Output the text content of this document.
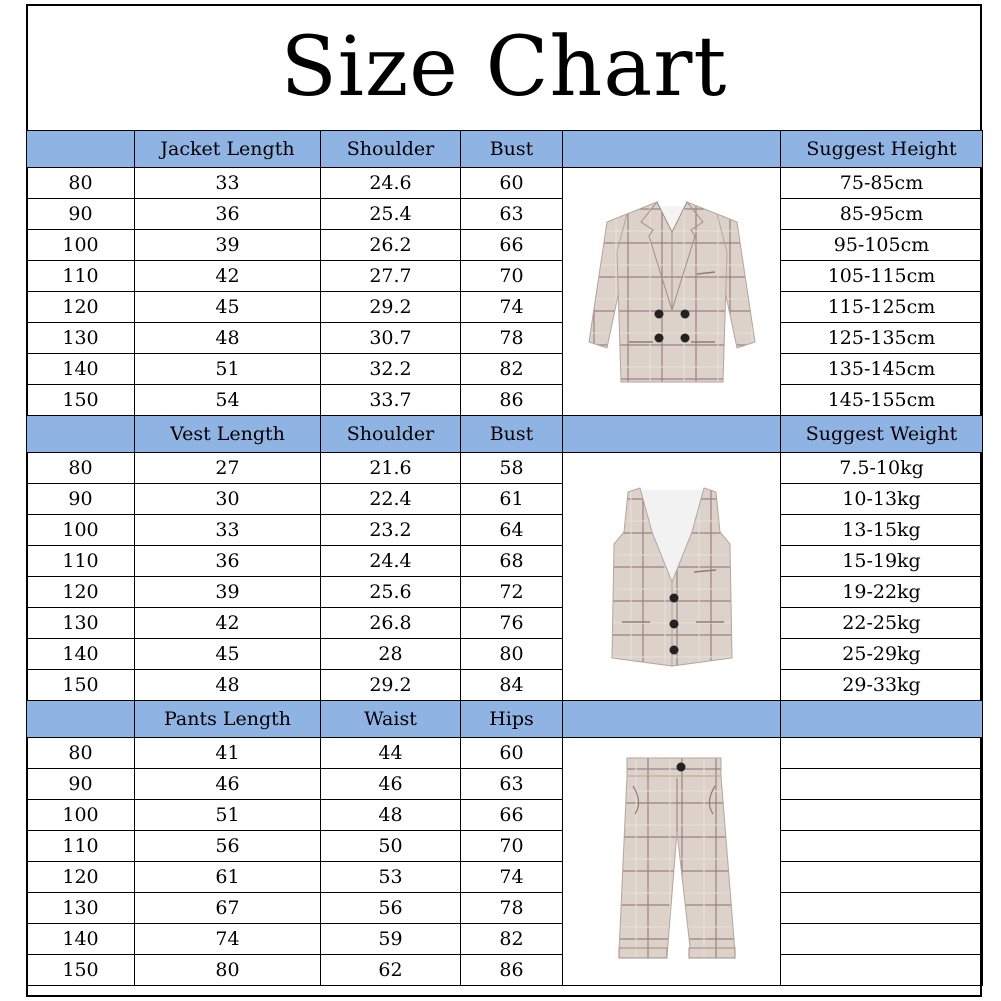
Size Chart
	Jacket Length	Shoulder	Bust		Suggest Height
80	33	24.6	60		75-85cm
90	36	25.4	63		85-95cm
100	39	26.2	66		95-105cm
110	42	27.7	70		105-115cm
120	45	29.2	74		115-125cm
130	48	30.7	78		125-135cm
140	51	32.2	82		135-145cm
150	54	33.7	86		145-155cm
	Vest Length	Shoulder	Bust		Suggest Weight
80	27	21.6	58		7.5-10kg
90	30	22.4	61		10-13kg
100	33	23.2	64		13-15kg
110	36	24.4	68		15-19kg
120	39	25.6	72		19-22kg
130	42	26.8	76		22-25kg
140	45	28	80		25-29kg
150	48	29.2	84		29-33kg
	Pants Length	Waist	Hips		
80	41	44	60	

90	46	46	63		
100	51	48	66		
110	56	50	70		
120	61	53	74		
130	67	56	78		
140	74	59	82		
150	80	62	86		
